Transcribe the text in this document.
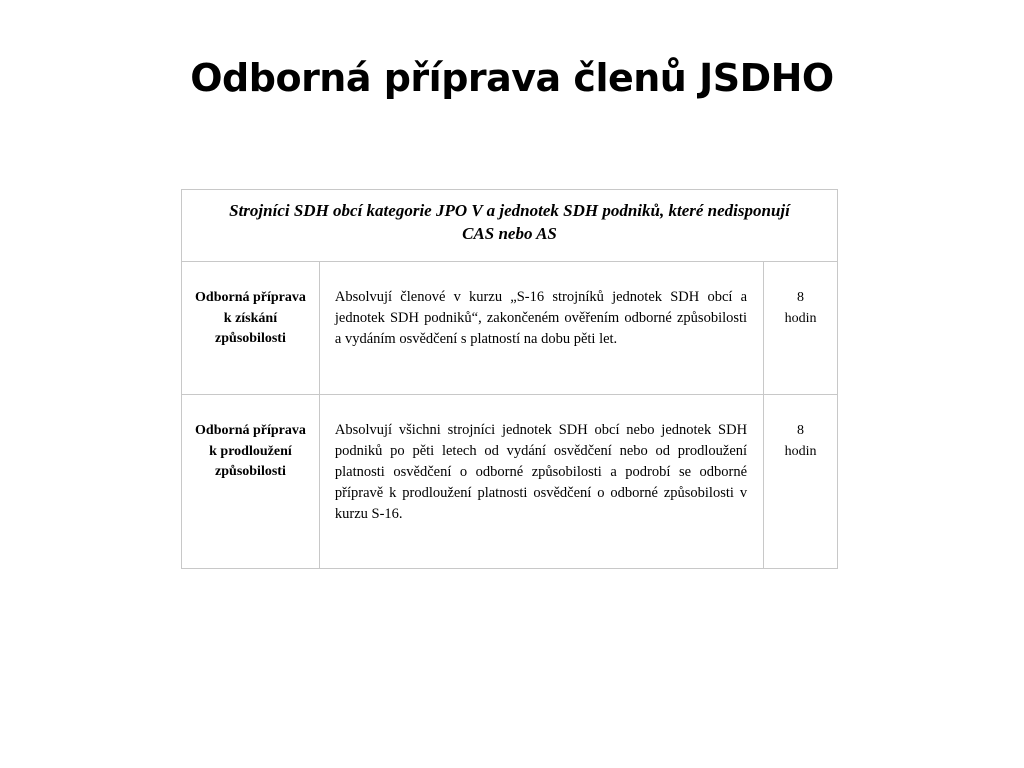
Odborná příprava členů JSDHO
Strojníci SDH obcí kategorie JPO V a jednotek SDH podniků, které nedisponují CAS nebo AS		
Odborná příprava k získání způsobilosti	Absolvují členové v kurzu „S-16 strojníků jednotek SDH obcí a jednotek SDH podniků“, zakončeném ověřením odborné způsobilosti a vydáním osvědčení s platností na dobu pěti let.	8
hodin

Odborná příprava k prodloužení způsobilosti	Absolvují všichni strojníci jednotek SDH obcí nebo jednotek SDH podniků po pěti letech od vydání osvědčení nebo od prodloužení platnosti osvědčení o odborné způsobilosti a podrobí se odborné přípravě k prodloužení platnosti osvědčení o odborné způsobilosti v kurzu S-16.	8
hodin
